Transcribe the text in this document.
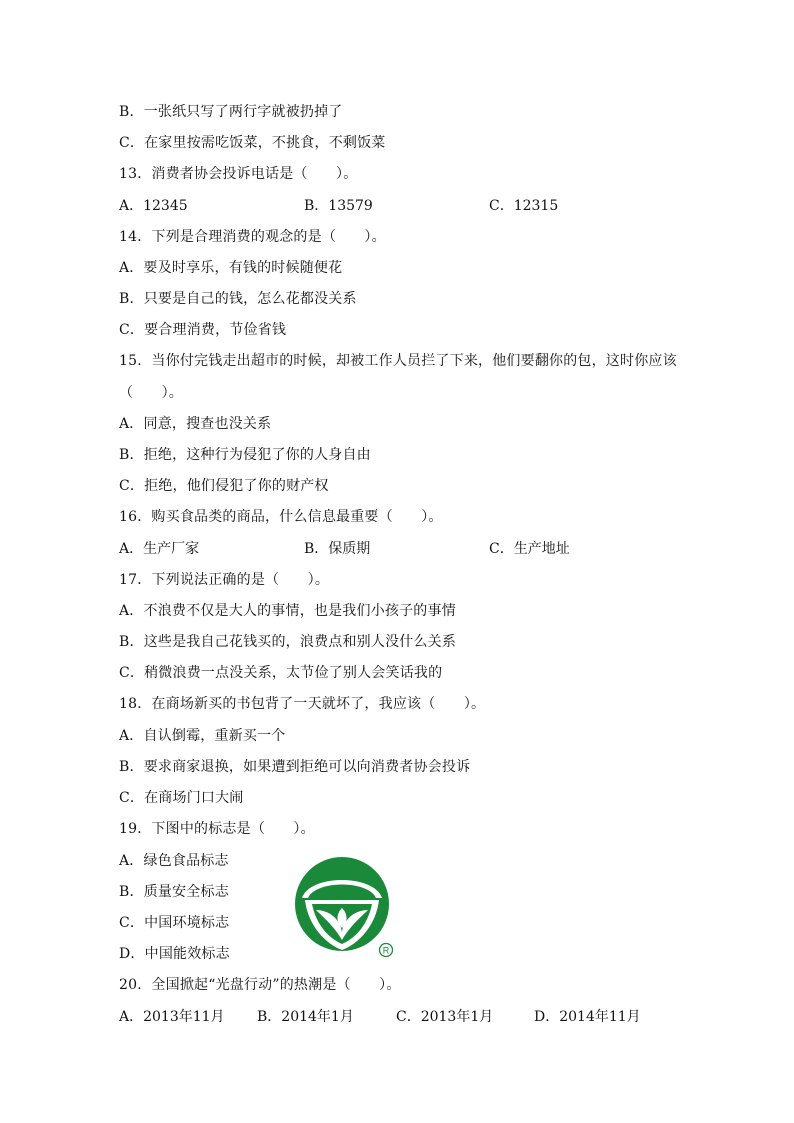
B．一张纸只写了两行字就被扔掉了
C．在家里按需吃饭菜，不挑食，不剩饭菜
13．消费者协会投诉电话是（　　）。
A．12345	B．13579	C．12315
14．下列是合理消费的观念的是（　　）。
A．要及时享乐，有钱的时候随便花
B．只要是自己的钱，怎么花都没关系
C．要合理消费，节俭省钱
15．当你付完钱走出超市的时候，却被工作人员拦了下来，他们要翻你的包，这时你应该
（　　）。
A．同意，搜查也没关系
B．拒绝，这种行为侵犯了你的人身自由
C．拒绝，他们侵犯了你的财产权
16．购买食品类的商品，什么信息最重要（　　）。
A．生产厂家	B．保质期	C．生产地址
17．下列说法正确的是（　　）。
A．不浪费不仅是大人的事情，也是我们小孩子的事情
B．这些是我自己花钱买的，浪费点和别人没什么关系
C．稍微浪费一点没关系，太节俭了别人会笑话我的
18．在商场新买的书包背了一天就坏了，我应该（　　）。
A．自认倒霉，重新买一个
B．要求商家退换，如果遭到拒绝可以向消费者协会投诉
C．在商场门口大闹
19．下图中的标志是（　　）。
A．绿色食品标志
B．质量安全标志
C．中国环境标志
D．中国能效标志	R
20．全国掀起“光盘行动”的热潮是（　　）。
A．2013年11月 B．2014年1月	C．2013年1月	D．2014年11月
